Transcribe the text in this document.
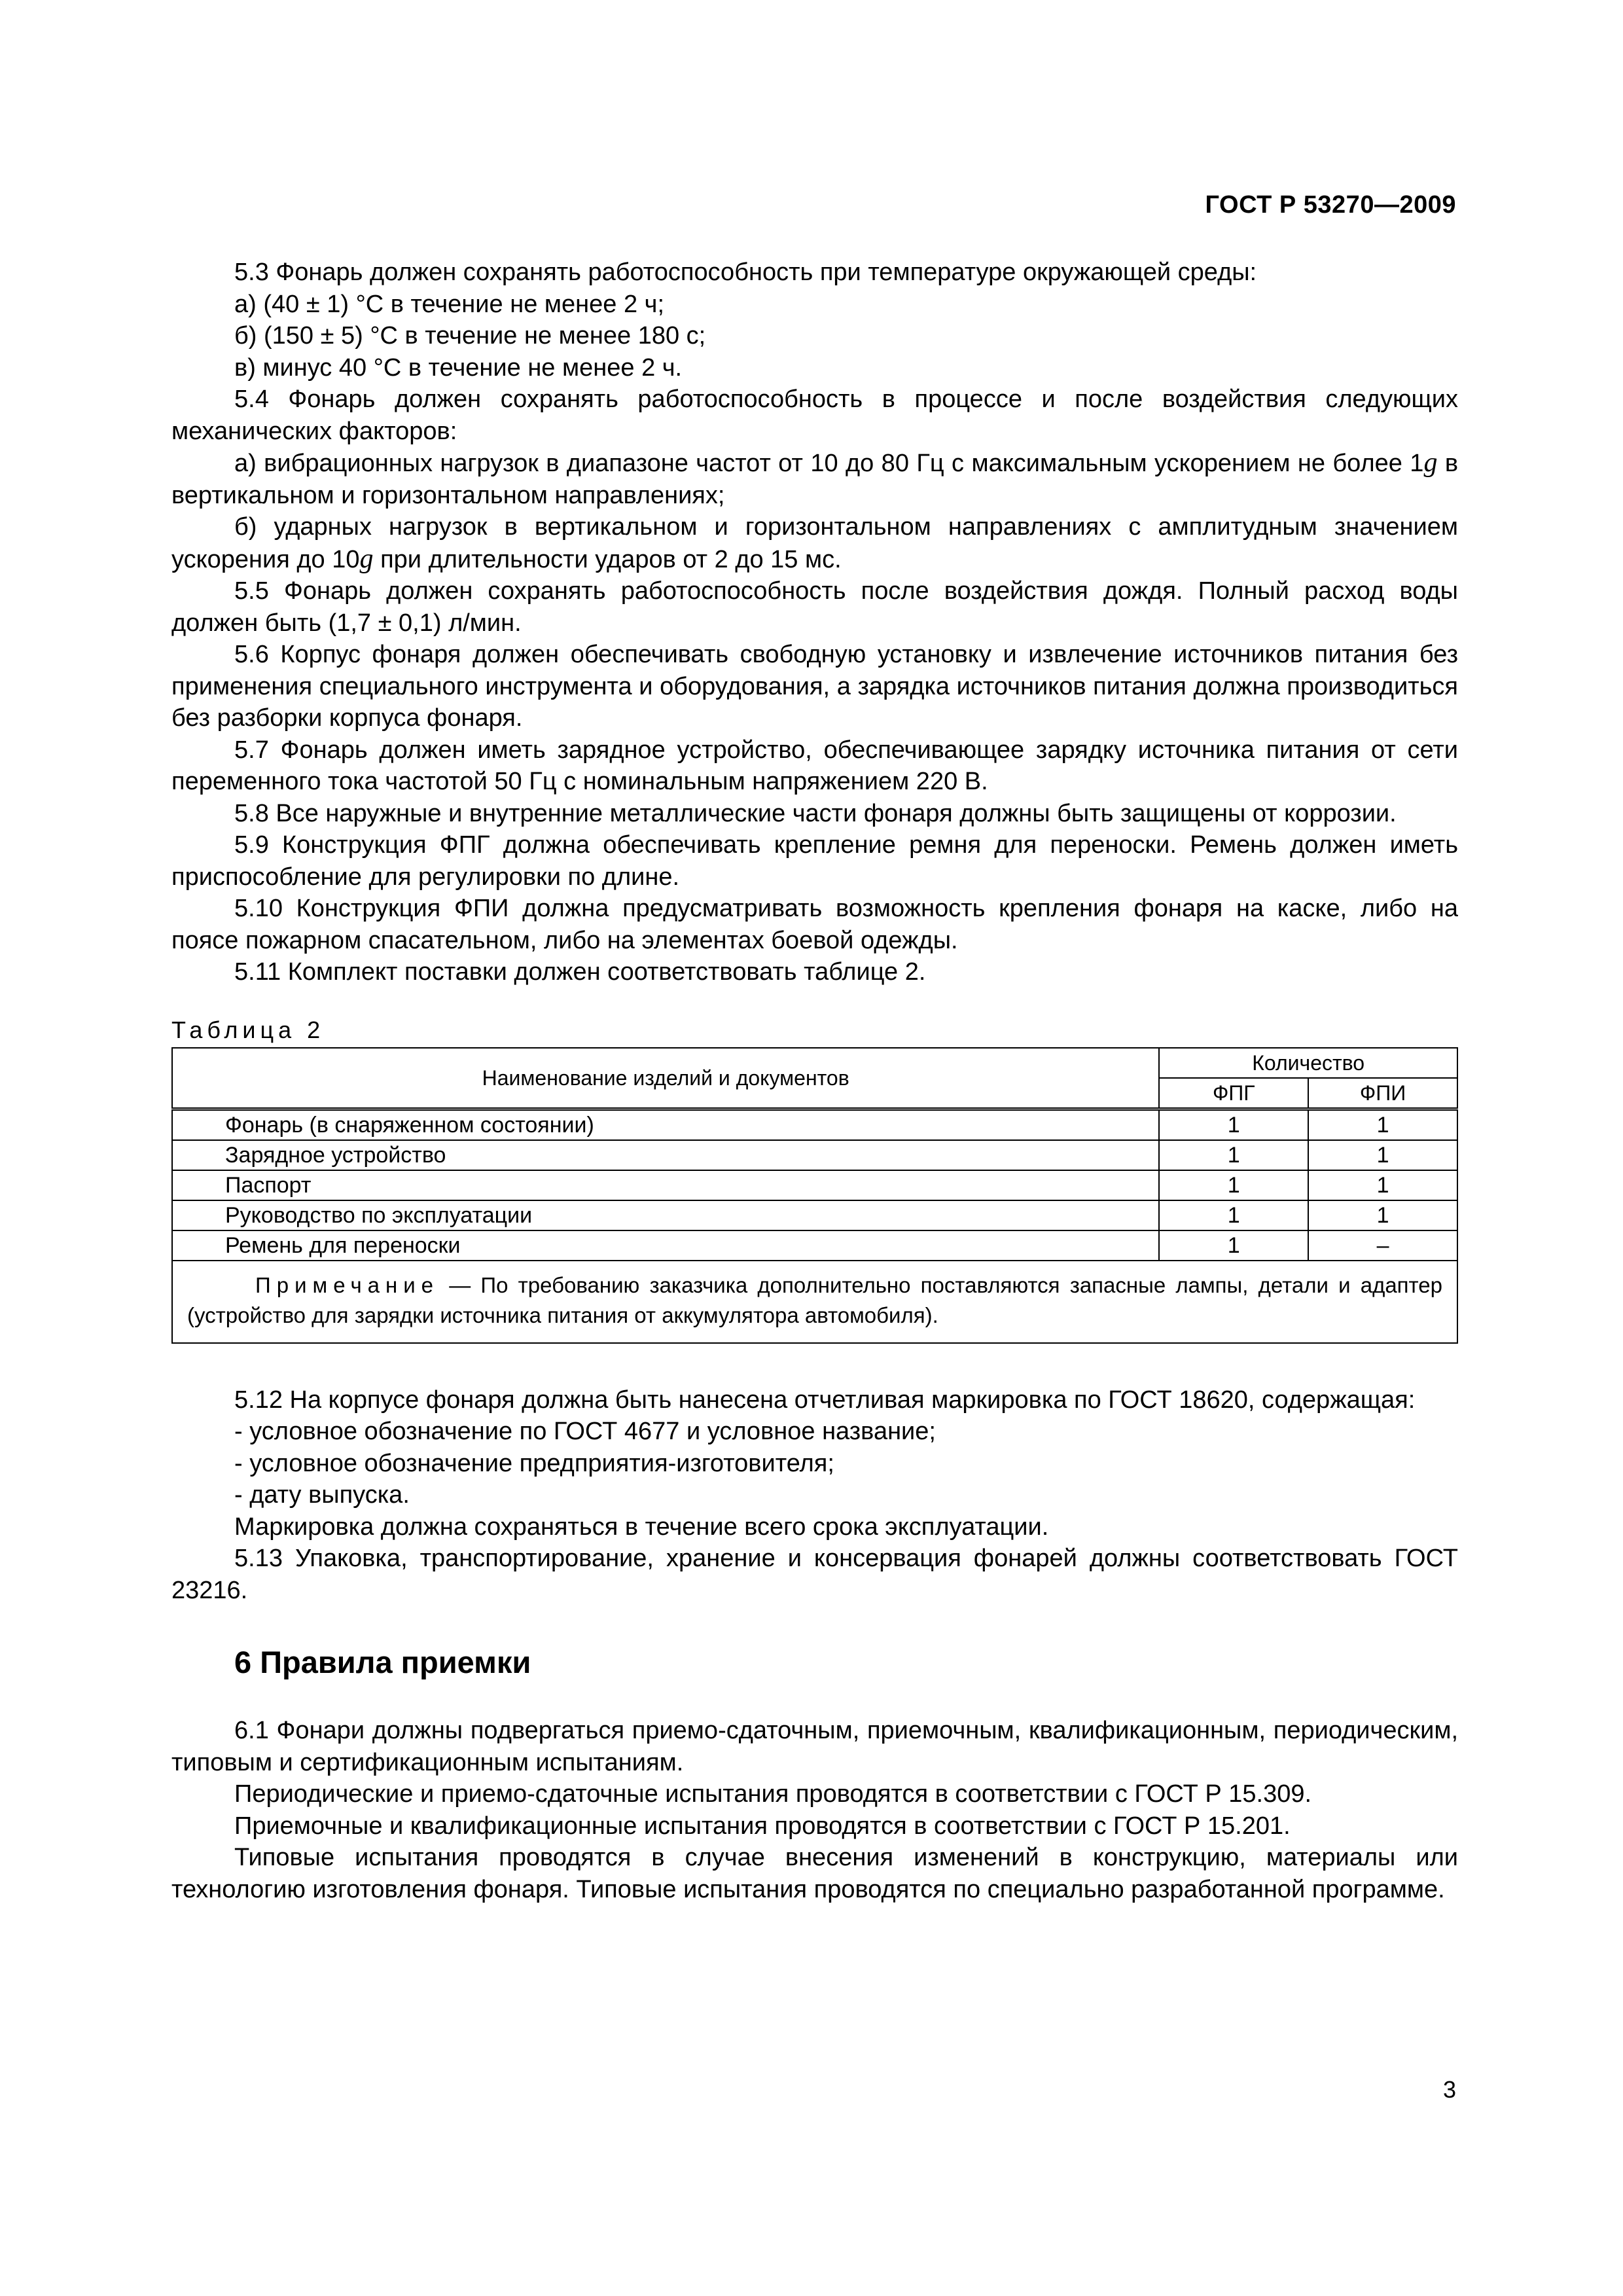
ГОСТ Р 53270—2009

5.3 Фонарь должен сохранять работоспособность при температуре окружающей среды:

а) (40 ± 1) °С в течение не менее 2 ч;

б) (150 ± 5) °С в течение не менее 180 с;

в) минус 40 °С в течение не менее 2 ч.

5.4 Фонарь должен сохранять работоспособность в процессе и после воздействия следующих механических факторов:

а) вибрационных нагрузок в диапазоне частот от 10 до 80 Гц с максимальным ускорением не более 1g в вертикальном и горизонтальном направлениях;

б) ударных нагрузок в вертикальном и горизонтальном направлениях с амплитудным значением ускорения до 10g при длительности ударов от 2 до 15 мс.

5.5 Фонарь должен сохранять работоспособность после воздействия дождя. Полный расход воды должен быть (1,7 ± 0,1) л/мин.

5.6 Корпус фонаря должен обеспечивать свободную установку и извлечение источников питания без применения специального инструмента и оборудования, а зарядка источников питания должна производиться без разборки корпуса фонаря.

5.7 Фонарь должен иметь зарядное устройство, обеспечивающее зарядку источника питания от сети переменного тока частотой 50 Гц с номинальным напряжением 220 В.

5.8 Все наружные и внутренние металлические части фонаря должны быть защищены от коррозии.

5.9 Конструкция ФПГ должна обеспечивать крепление ремня для переноски. Ремень должен иметь приспособление для регулировки по длине.

5.10 Конструкция ФПИ должна предусматривать возможность крепления фонаря на каске, либо на поясе пожарном спасательном, либо на элементах боевой одежды.

5.11 Комплект поставки должен соответствовать таблице 2.

Таблица 2
Наименование изделий и документов	Количество	
	ФПГ	ФПИ
Фонарь (в снаряженном состоянии)	1	1
Зарядное устройство	1	1
Паспорт	1	1
Руководство по эксплуатации	1	1
Ремень для переноски	1	–
Примечание — По требованию заказчика дополнительно поставляются запасные лампы, детали и адаптер (устройство для зарядки источника питания от аккумулятора автомобиля).		

5.12 На корпусе фонаря должна быть нанесена отчетливая маркировка по ГОСТ 18620, содержащая:

- условное обозначение по ГОСТ 4677 и условное название;

- условное обозначение предприятия-изготовителя;

- дату выпуска.

Маркировка должна сохраняться в течение всего срока эксплуатации.

5.13 Упаковка, транспортирование, хранение и консервация фонарей должны соответствовать ГОСТ 23216.

6 Правила приемки

6.1 Фонари должны подвергаться приемо-сдаточным, приемочным, квалификационным, периодическим, типовым и сертификационным испытаниям.

Периодические и приемо-сдаточные испытания проводятся в соответствии с ГОСТ Р 15.309.

Приемочные и квалификационные испытания проводятся в соответствии с ГОСТ Р 15.201.

Типовые испытания проводятся в случае внесения изменений в конструкцию, материалы или технологию изготовления фонаря. Типовые испытания проводятся по специально разработанной программе.

3
